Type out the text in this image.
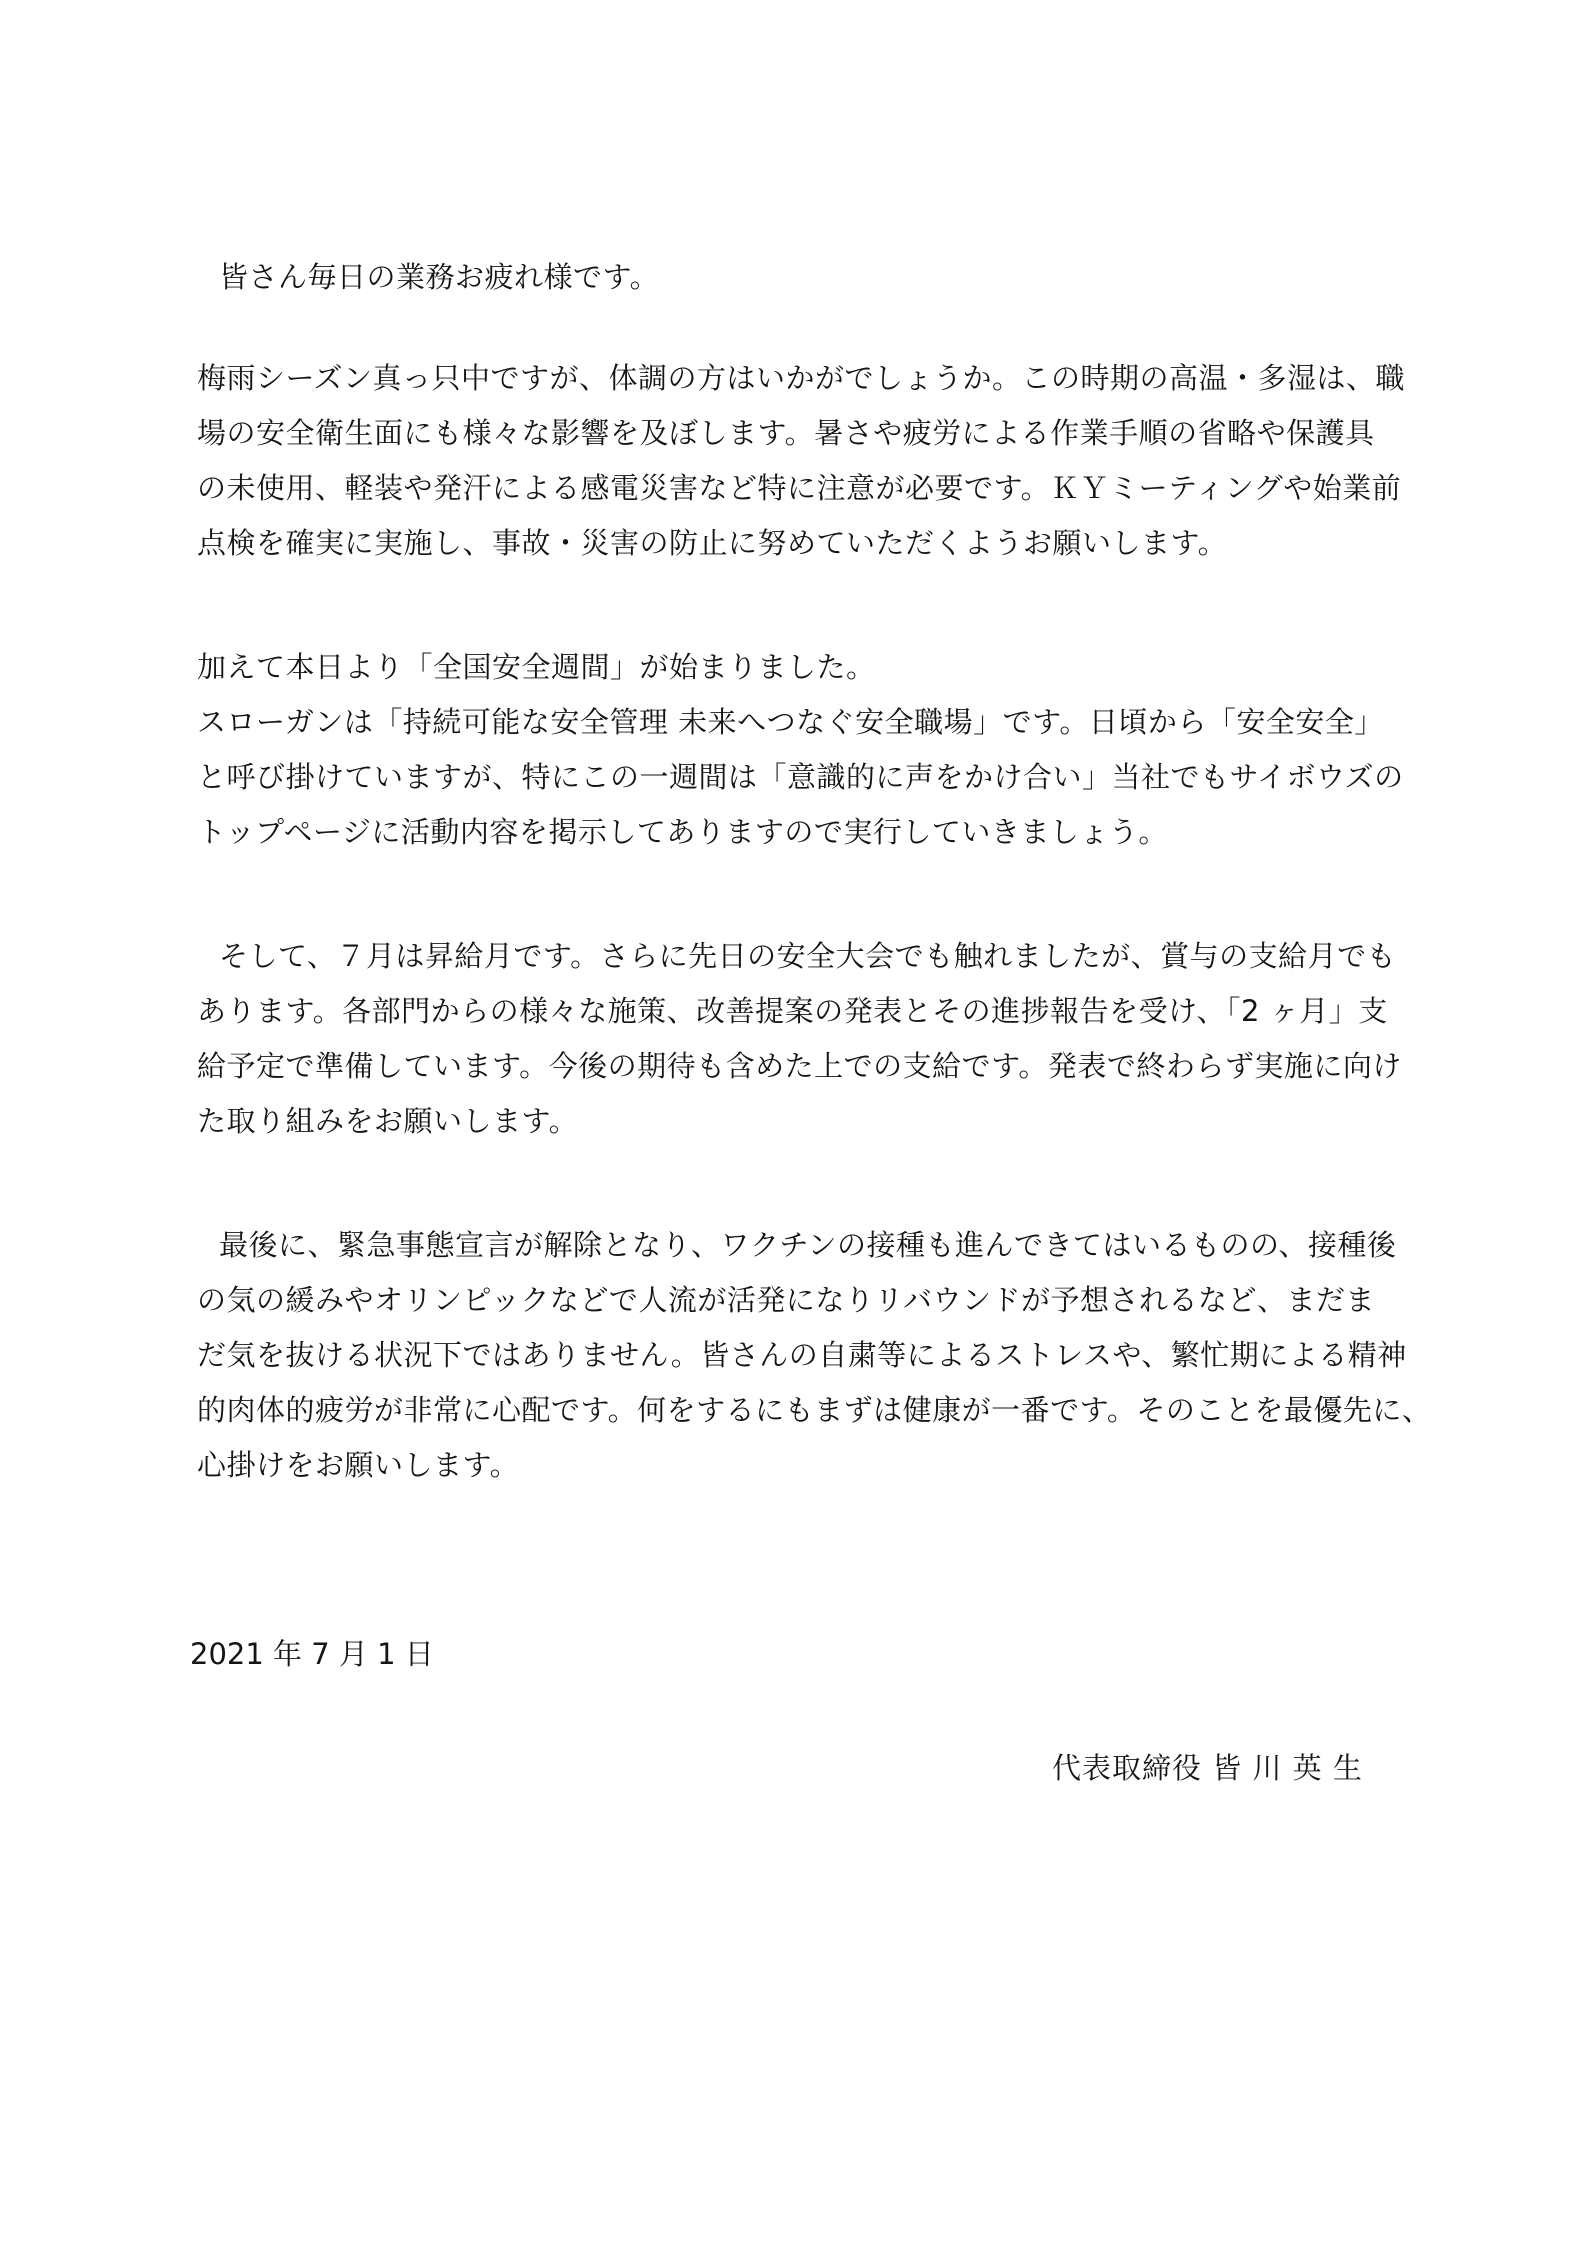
皆さん毎日の業務お疲れ様です。
梅雨シーズン真っ只中ですが、体調の方はいかがでしょうか。この時期の高温・多湿は、職
場の安全衛生面にも様々な影響を及ぼします。暑さや疲労による作業手順の省略や保護具
の未使用、軽装や発汗による感電災害など特に注意が必要です。ＫＹミーティングや始業前
点検を確実に実施し、事故・災害の防止に努めていただくようお願いします。
加えて本日より「全国安全週間」が始まりました。
スローガンは「持続可能な安全管理 未来へつなぐ安全職場」です。日頃から「安全安全」
と呼び掛けていますが、特にこの一週間は「意識的に声をかけ合い」当社でもサイボウズの
トップページに活動内容を掲示してありますので実行していきましょう。
そして、７月は昇給月です。さらに先日の安全大会でも触れましたが、賞与の支給月でも
あります。各部門からの様々な施策、改善提案の発表とその進捗報告を受け、「2 ヶ月」支
給予定で準備しています。今後の期待も含めた上での支給です。発表で終わらず実施に向け
た取り組みをお願いします。
最後に、緊急事態宣言が解除となり、ワクチンの接種も進んできてはいるものの、接種後
の気の緩みやオリンピックなどで人流が活発になりリバウンドが予想されるなど、まだま
だ気を抜ける状況下ではありません。皆さんの自粛等によるストレスや、繁忙期による精神
的肉体的疲労が非常に心配です。何をするにもまずは健康が一番です。そのことを最優先に、
心掛けをお願いします。
2021 年 7 月 1 日
代表取締役 皆 川 英 生
